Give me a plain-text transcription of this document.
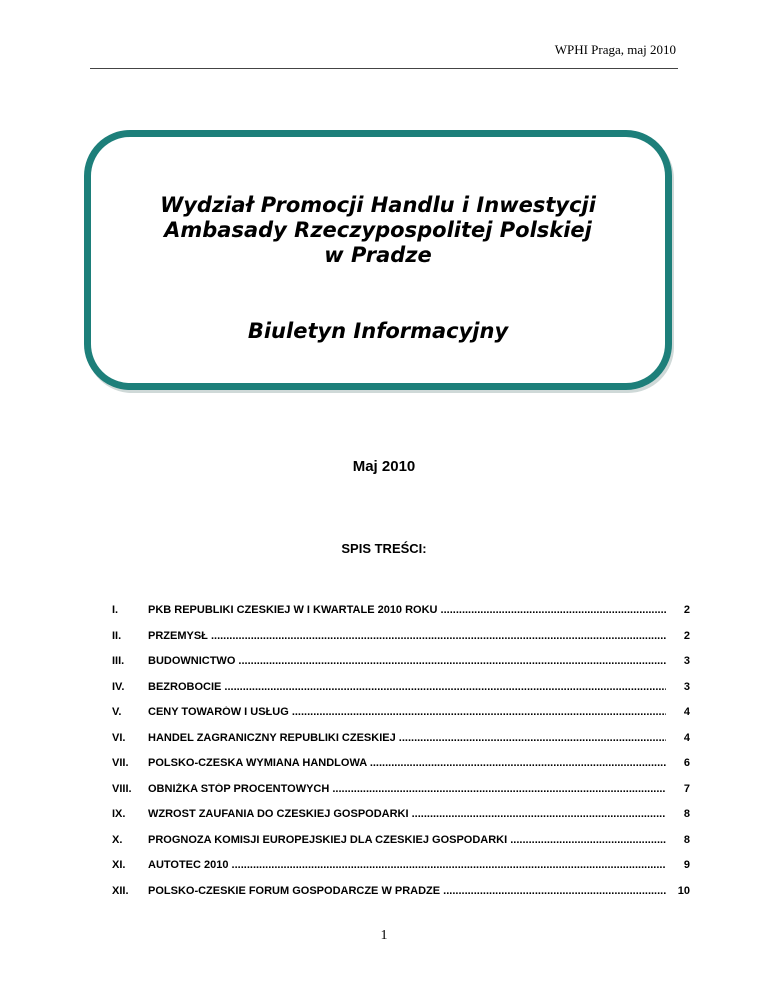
WPHI Praga, maj 2010
Wydział Promocji Handlu i Inwestycji
Ambasady Rzeczypospolitej Polskiej
w Pradze
Biuletyn Informacyjny
Maj 2010
SPIS TREŚCI:
I.	PKB REPUBLIKI CZESKIEJ W I KWARTALE 2010 ROKU .....	2
II.	PRZEMYSŁ .....	2
III.	BUDOWNICTWO .....	3
IV.	BEZROBOCIE .....	3
V.	CENY TOWARÓW I USŁUG .....	4
VI.	HANDEL ZAGRANICZNY REPUBLIKI CZESKIEJ .....	4
VII.	POLSKO-CZESKA WYMIANA HANDLOWA .....	6
VIII.	OBNIŻKA STÓP PROCENTOWYCH .....	7
IX.	WZROST ZAUFANIA DO CZESKIEJ GOSPODARKI .....	8
X.	PROGNOZA KOMISJI EUROPEJSKIEJ DLA CZESKIEJ GOSPODARKI .....	8
XI.	AUTOTEC 2010 .....	9
XII.	POLSKO-CZESKIE FORUM GOSPODARCZE W PRADZE .....	10
1
